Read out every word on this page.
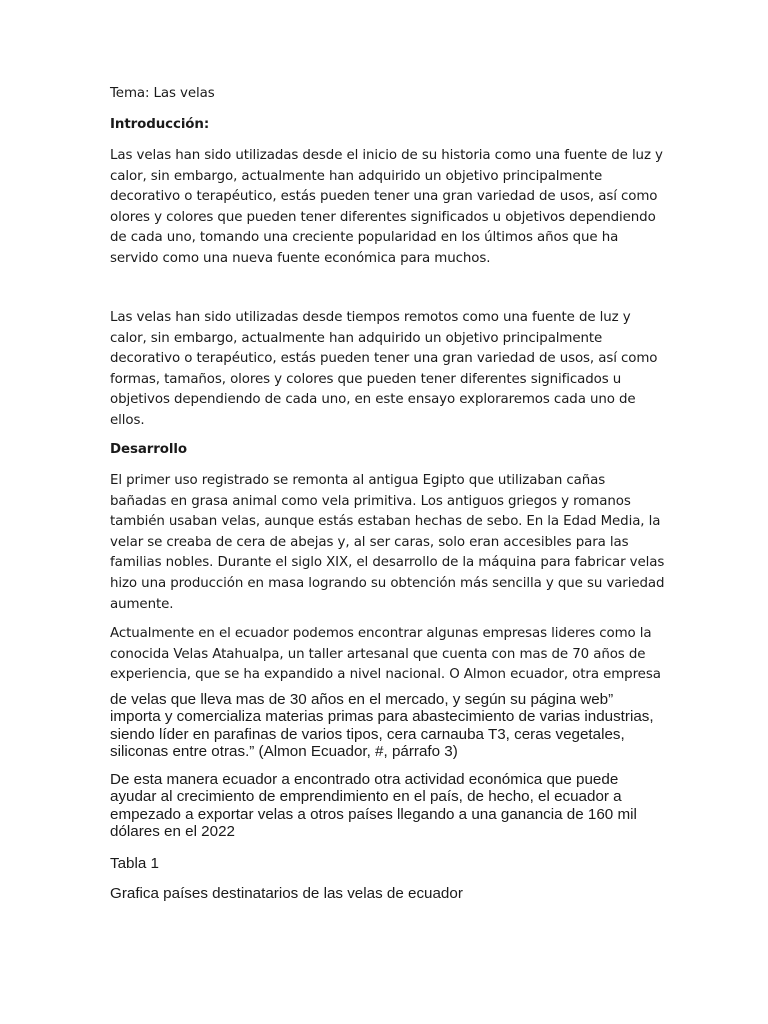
Tema: Las velas

Introducción:

Las velas han sido utilizadas desde el inicio de su historia como una fuente de luz y calor, sin embargo, actualmente han adquirido un objetivo principalmente decorativo o terapéutico, estás pueden tener una gran variedad de usos, así como olores y colores que pueden tener diferentes significados u objetivos dependiendo de cada uno, tomando una creciente popularidad en los últimos años que ha servido como una nueva fuente económica para muchos.

Las velas han sido utilizadas desde tiempos remotos como una fuente de luz y calor, sin embargo, actualmente han adquirido un objetivo principalmente decorativo o terapéutico, estás pueden tener una gran variedad de usos, así como formas, tamaños, olores y colores que pueden tener diferentes significados u objetivos dependiendo de cada uno, en este ensayo exploraremos cada uno de ellos.

Desarrollo

El primer uso registrado se remonta al antigua Egipto que utilizaban cañas bañadas en grasa animal como vela primitiva. Los antiguos griegos y romanos también usaban velas, aunque estás estaban hechas de sebo. En la Edad Media, la velar se creaba de cera de abejas y, al ser caras, solo eran accesibles para las familias nobles. Durante el siglo XIX, el desarrollo de la máquina para fabricar velas hizo una producción en masa logrando su obtención más sencilla y que su variedad aumente.

Actualmente en el ecuador podemos encontrar algunas empresas lideres como la conocida Velas Atahualpa, un taller artesanal que cuenta con mas de 70 años de experiencia, que se ha expandido a nivel nacional. O Almon ecuador, otra empresa

de velas que lleva mas de 30 años en el mercado, y según su página web” importa y comercializa materias primas para abastecimiento de varias industrias, siendo líder en parafinas de varios tipos, cera carnauba T3, ceras vegetales, siliconas entre otras.” (Almon Ecuador, #, párrafo 3)

De esta manera ecuador a encontrado otra actividad económica que puede ayudar al crecimiento de emprendimiento en el país, de hecho, el ecuador a empezado a exportar velas a otros países llegando a una ganancia de 160 mil dólares en el 2022

Tabla 1

Grafica países destinatarios de las velas de ecuador
